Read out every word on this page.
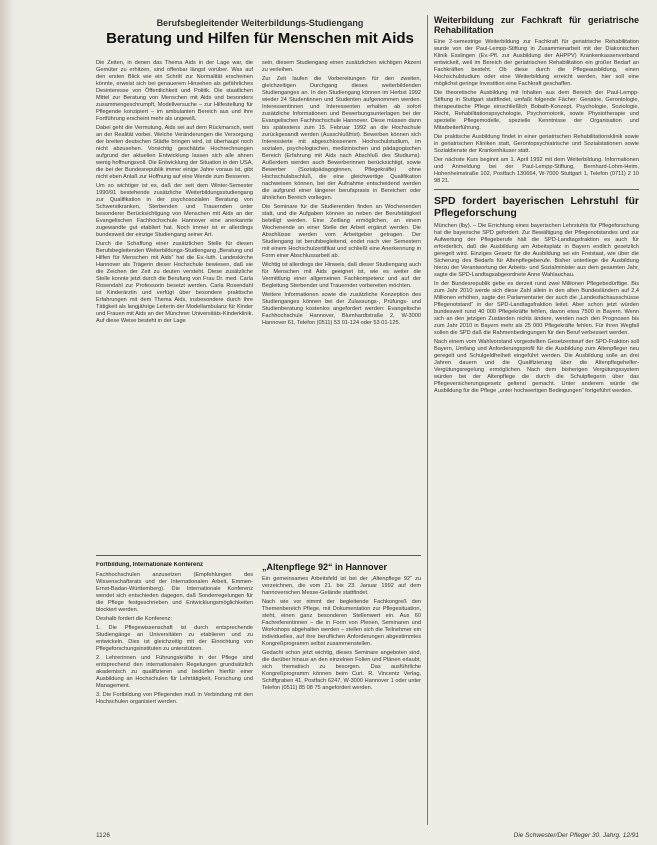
Berufsbegleitender Weiterbildungs-Studiengang
Beratung und Hilfen für Menschen mit Aids

Die Zeiten, in denen das Thema Aids in der Lage war, die Gemüter zu erhitzen, sind offenbar längst vorüber. Was auf den ersten Blick wie ein Schritt zur Normalität erscheinen könnte, erweist sich bei genauerem Hinsehen als gefährliches Desinteresse von Öffentlichkeit und Politik. Die staatlichen Mittel zur Beratung von Menschen mit Aids und besonders zusammengeschrumpft, Modellversuche – zur Hilfestellung für Pflegende konzipiert – im ambulanten Bereich aus und ihre Fortführung erscheint mehr als ungewiß.

Dabei geht die Vermutung, Aids sei auf dem Rückmarsch, weit an der Realität vorbei. Welche Veränderungen die Versorgung der breiten deutschen Städte bringen wird, ist überhaupt noch nicht abzusehen. Vorsichtig geschätzte Hochrechnungen aufgrund der aktuellen Entwicklung lassen sich alle ahnen wenig hoffnungsvoll. Die Entwicklung der Situation in den USA, die bei der Bundesrepublik immer einige Jahre voraus ist, gibt nicht eben Anlaß zur Hoffnung auf eine Wende zum Besseren.

Um so wichtiger ist es, daß der seit dem Winter-Semester 1990/91 bestehende zusätzliche Weiterbildungsstudiengang zur Qualifikation in der psychosozialen Beratung von Schwerstkranken, Sterbenden und Trauernden unter besonderer Berücksichtigung von Menschen mit Aids an der Evangelischen Fachhochschule Hannover eine anerkannte zugewandte gut etabliert hat. Noch immer ist er allerdings bundesweit der einzige Studiengang seiner Art.

Durch die Schaffung einer zusätzlichen Stelle für diesen Berufsbegleitenden Weiterbildungs-Studiengang „Beratung und Hilfen für Menschen mit Aids“ hat die Ev.-luth. Landeskirche Hannover als Trägerin dieser Hochschule bewiesen, daß sie die Zeichen der Zeit zu deuten versteht. Diese zusätzliche Stelle konnte jetzt durch die Berufung von Frau Dr. med. Carla Rosendahl zur Professorin besetzt werden. Carla Rosendahl ist Kinderärztin und verfügt über besondere praktische Erfahrungen mit dem Thema Aids, insbesondere durch ihre Tätigkeit als langjährige Leiterin der Modellambulanz für Kinder und Frauen mit Aids an der Münchner Universitäts-Kinderklinik. Auf diese Weise besteht in der Lage

sein, diesem Studiengang einen zusätzlichen wichtigen Akzent zu verleihen.

Zur Zeit laufen die Vorbereitungen für den zweiten, gleichzeitigen Durchgang dieses weiterbildenden Studienganges an. In den Studiengang können im Herbst 1992 wieder 24 Studentinnen und Studenten aufgenommen werden. Interessentinnen und Interessenten erhalten ab sofort zusätzliche Informationen und Bewerbungsunterlagen bei der Evangelischen Fachhochschule Hannover. Diese müssen dann bis spätestens zum 15. Februar 1992 an die Hochschule zurückgesandt werden (Ausschlußfrist). Bewerben können sich Interessierte mit abgeschlossenem Hochschulstudium, im sozialen, psychologischen, medizinischen und pädagogischen Bereich (Erfahrung mit Aids nach Abschluß des Studiums). Außerdem werden auch Bewerberinnen berücksichtigt, sowie Bewerber (Sozialpädagoginnen, Pflegekräfte) ohne Hochschulabschluß, die eine gleichwertige Qualifikation nachweisen können, bei der Aufnahme entscheidend werden die aufgrund einer längerer berufspraxis in Bereichen oder ähnlichen Bereich vorliegen.

Die Seminare für die Studierenden finden an Wochenenden statt, und die Aufgaben können so neben der Berufstätigkeit beteiligt werden. Eine Zeitlang ermöglichen, an einem Wochenende an einer Stelle der Arbeit ergänzt werden. Die Abschlüsse werden vom Arbeitgeber getragen. Der Studiengang ist berufsbegleitend, endet nach vier Semestern mit einem Hochschulzertifikat und schließt eine Anerkennung in Form einer Abschlussarbeit ab.

Wichtig ist allerdings der Hinweis, daß dieser Studiengang auch für Menschen mit Aids geeignet ist, wie es weiter die Vermittlung einer allgemeinen Fachkompetenz und auf der Begleitung Sterbender und Trauernder vorbereiten möchten.

Weitere Informationen sowie die zusätzliche Konzeption des Studienganges können bei der Zulassungs-, Prüfungs- und Studienberatung kostenlos angefordert werden: Evangelische Fachhochschule Hannover, Blumhardtstraße 2, W-3000 Hannover 61, Telefon (0511) 53 01-124 oder 53 01-125.

Fortbildung, Internationale Konferenz

Fachhochschulen anzusetzen (Empfehlungen des Wissenschaftsrats und der Internationalen Arbeit, Emmen-Ernst-Badan-Württemberg). Die Internationale Konferenz wendet sich entschieden dagegen, daß Sonderregelungen für die Pflege festgeschrieben und Entwicklungsmöglichkeiten blockiert werden.

Deshalb fordert die Konferenz:

1. Die Pflegewissenschaft ist durch entsprechende Studiengänge an Universitäten zu etablieren und zu entwickeln. Dies ist gleichzeitig mit der Einrichtung von Pflegeforschungsinstituten zu unterstützen.

2. Lehrerinnen und Führungskräfte in der Pflege sind entsprechend den internationalen Regelungen grundsätzlich akademisch zu qualifizieren und bedürfen hierfür einer Ausbildung an Hochschulen für Lehrtätigkeit, Forschung und Management.

3. Die Fortbildung von Pflegenden muß in Verbindung mit den Hochschulen organisiert werden.

„Altenpflege 92“ in Hannover

Ein gemeinsames Arbeitsfeld ist bei der „Altenpflege 92“ zu verzeichnen, die vom 21. bis 23. Januar 1992 auf dem hannoverschen Messe-Gelände stattfindet.

Nach wie vor nimmt der begleitende Fachkongreß den Themenbereich Pflege, mit Dokumentation zur Pflegesituation, steht, einen ganz besonderen Stellenwert ein. Aus 60 Fachreferentinnen – die in Form von Plenen, Seminaren und Workshops abgehalten werden – stellen sich die Teilnehmer ein individuelles, auf ihre beruflichen Anforderungen abgestimmtes Kongreßprogramm selbst zusammenstellen.

Gedacht schon jetzt wichtig, dieses Seminare angeboten sind, die darüber hinaus an den einzelnen Folien und Plänen erlaubt, sich thematisch zu besorgen. Das ausführliche Kongreßprogramm können beim Curt. R. Vincentz Verlag, Schiffgraben 41, Postfach 6247, W-3000 Hannover 1 oder unter Telefon (0511) 85 08 75 angefordert werden.

Weiterbildung zur Fachkraft für geriatrische Rehabilitation

Eine 2-semestrige Weiterbildung zur Fachkraft für geriatrische Rehabilitation wurde von der Paul-Lempp-Stiftung in Zusammenarbeit mit der Diakonischen Klinik Esslingen (Ev.-Pfl. zur Ausbildung der AHPPV) Krankenkassenverband entwickelt, weil im Bereich der geriatrischen Rehabilitation ein großer Bedarf an Fachkräften besteht. Ob diese durch die Pflegeausbildung, einen Hochschulstudium oder eine Weiterbildung erreicht werden, hier soll eine möglichst geringe Investition eine Fachkraft geschaffen.

Die theoretische Ausbildung mit Inhalten aus dem Bereich der Paul-Lempp-Stiftung in Stuttgart stattfindet, umfaßt folgende Fächer: Geriatrie, Gerontologie, therapeutische Pflege einschließlich Bobath-Konzept, Psychologie, Soziologie, Recht, Rehabilitationspsychologie, Psychomotorik, sowie Physiotherapie und spezielle Pflegemodelle, spezielle Kenntnisse der Organisation und Mitarbeiterführung.

Die praktische Ausbildung findet in einer geriatrischen Rehabilitationsklinik sowie in geriatrischen Kliniken statt, Gerontopsychiatrische und Sozialstationen sowie Sozialdienste der Krankenhäuser statt.

Der nächste Kurs beginnt am 1. April 1992 mit dem Weiterbildung. Informationen und Anmeldung bei der Paul-Lempp-Stiftung, Bernhard-Lohm-Heim, Hohenheimstraße 102, Postfach 130664, W-7000 Stuttgart 1, Telefon (0711) 2 10 98 21.

SPD fordert bayerischen Lehrstuhl für Pflegeforschung

München (lby). – Die Errichtung eines bayerischen Lehrstuhls für Pflegeforschung hat die bayerische SPD gefordert. Zur Bewältigung der Pflegenotstandes und zur Aufwertung der Pflegeberufe hält die SPD-Landtagsfraktion es auch für erforderlich, daß die Ausbildung am Arbeitsplatz in Bayern endlich gesetzlich geregelt wird. Einziges Gesetz für die Ausbildung sei ein Freistaat, wie über die Sicherung des Bedarfs für Altenpflegeberufe. Bisher unterliege die Ausbildung hierzu der Verantwortung der Arbeits- und Sozialminister aus dem gesamten Jahr, sagte die SPD-Landtagsabgeordnete Anne Wahlauchau.

In der Bundesrepublik gebe es derzeit rund zwei Millionen Pflegebedürftige. Bis zum Jahr 2010 werde sich diese Zahl allein in den alten Bundesländern auf 2,4 Millionen erhöhen, sagte der Parlamentarier der auch die „Landesfachausschüsse Pflegenotstand“ in der SPD-Landtagsfraktion leitet. Aber schon jetzt würden bundesweit rund 40 000 Pflegekräfte fehlen, davon etwa 7500 in Bayern. Wenn sich an den jetzigen Zuständen nichts ändere, werden nach den Prognosen bis zum Jahr 2010 in Bayern mehr als 25 000 Pflegekräfte fehlen. Für ihren Wegfall sollen die SPD daß die Rahmenbedingungen für den Beruf verbessert werden.

Nach einem vom Wahlvorstand vorgestellten Gesetzentwurf der SPD-Fraktion soll Bayern, Umfang und Anforderungsprofil für die Ausbildung zum Altenpfleger neu geregelt und Schulgeldfreiheit eingeführt werden. Die Ausbildung solle an drei Jahren dauern und die Qualifizierung über die Altenpflegehelfer-Vergütungsregelung ermöglichen. Nach dem bisherigen Vergütungssystem würden bei der Altenpflege die durch die Schulpflegerin über das Pflegeversicherungsgesetz geltend gemacht. Unter anderem würde die Ausbildung für die Pflege „unter hochwertigen Bedingungen“ fortgeführt werden.

1126	Die Schwester/Der Pfleger 30. Jahrg. 12/91
